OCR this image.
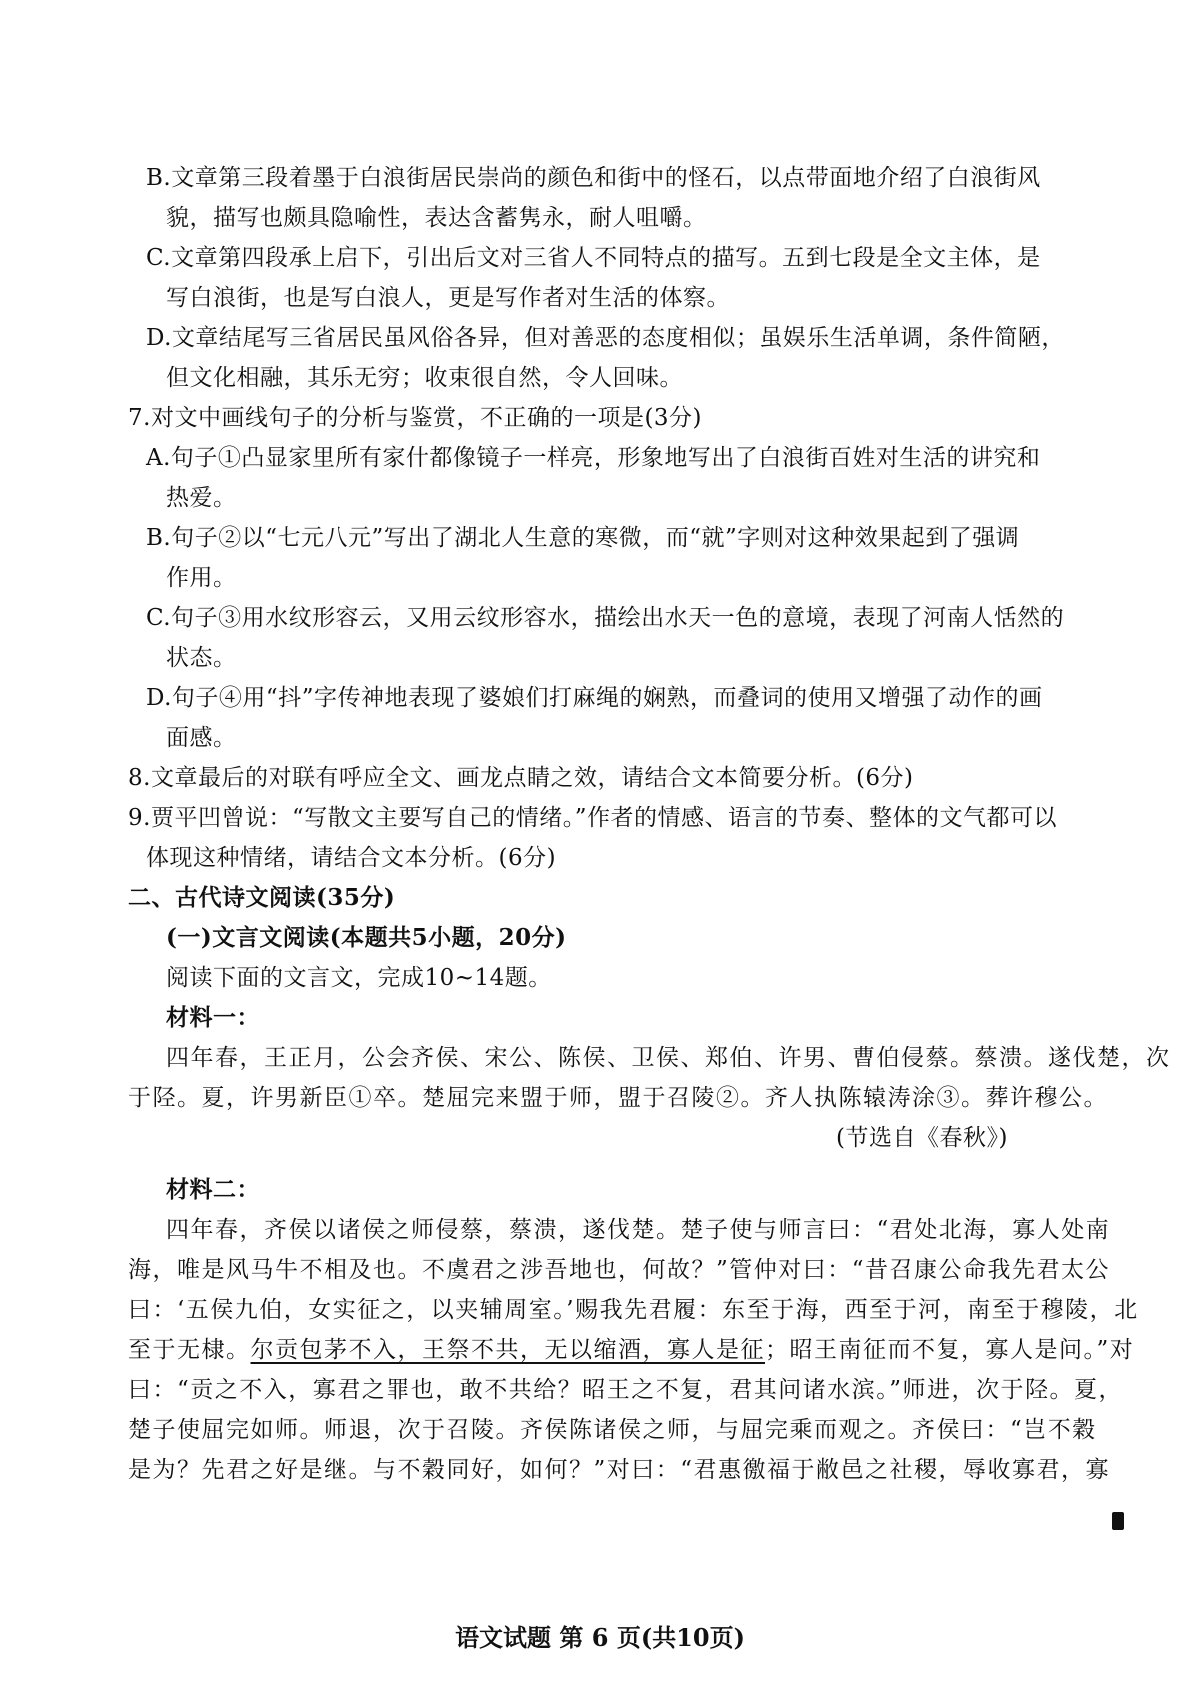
B.文章第三段着墨于白浪街居民崇尚的颜色和街中的怪石，以点带面地介绍了白浪街风
貌，描写也颇具隐喻性，表达含蓄隽永，耐人咀嚼。
C.文章第四段承上启下，引出后文对三省人不同特点的描写。五到七段是全文主体，是
写白浪街，也是写白浪人，更是写作者对生活的体察。
D.文章结尾写三省居民虽风俗各异，但对善恶的态度相似；虽娱乐生活单调，条件简陋，
但文化相融，其乐无穷；收束很自然，令人回味。
7.对文中画线句子的分析与鉴赏，不正确的一项是(3分)
A.句子①凸显家里所有家什都像镜子一样亮，形象地写出了白浪街百姓对生活的讲究和
热爱。
B.句子②以“七元八元”写出了湖北人生意的寒微，而“就”字则对这种效果起到了强调
作用。
C.句子③用水纹形容云，又用云纹形容水，描绘出水天一色的意境，表现了河南人恬然的
状态。
D.句子④用“抖”字传神地表现了婆娘们打麻绳的娴熟，而叠词的使用又增强了动作的画
面感。
8.文章最后的对联有呼应全文、画龙点睛之效，请结合文本简要分析。(6分)
9.贾平凹曾说：“写散文主要写自己的情绪。”作者的情感、语言的节奏、整体的文气都可以
体现这种情绪，请结合文本分析。(6分)
二、古代诗文阅读(35分)
(一)文言文阅读(本题共5小题，20分)
阅读下面的文言文，完成10~14题。
材料一：
四年春，王正月，公会齐侯、宋公、陈侯、卫侯、郑伯、许男、曹伯侵蔡。蔡溃。遂伐楚，次
于陉。夏，许男新臣①卒。楚屈完来盟于师，盟于召陵②。齐人执陈辕涛涂③。葬许穆公。
(节选自《春秋》)
材料二：
四年春，齐侯以诸侯之师侵蔡，蔡溃，遂伐楚。楚子使与师言曰：“君处北海，寡人处南
海，唯是风马牛不相及也。不虞君之涉吾地也，何故？”管仲对曰：“昔召康公命我先君太公
曰：‘五侯九伯，女实征之，以夹辅周室。’赐我先君履：东至于海，西至于河，南至于穆陵，北
至于无棣。尔贡包茅不入，王祭不共，无以缩酒，寡人是征；昭王南征而不复，寡人是问。”对
曰：“贡之不入，寡君之罪也，敢不共给？昭王之不复，君其问诸水滨。”师进，次于陉。夏，
楚子使屈完如师。师退，次于召陵。齐侯陈诸侯之师，与屈完乘而观之。齐侯曰：“岂不穀
是为？先君之好是继。与不穀同好，如何？”对曰：“君惠徼福于敝邑之社稷，辱收寡君，寡
语文试题 第 6 页(共10页)
